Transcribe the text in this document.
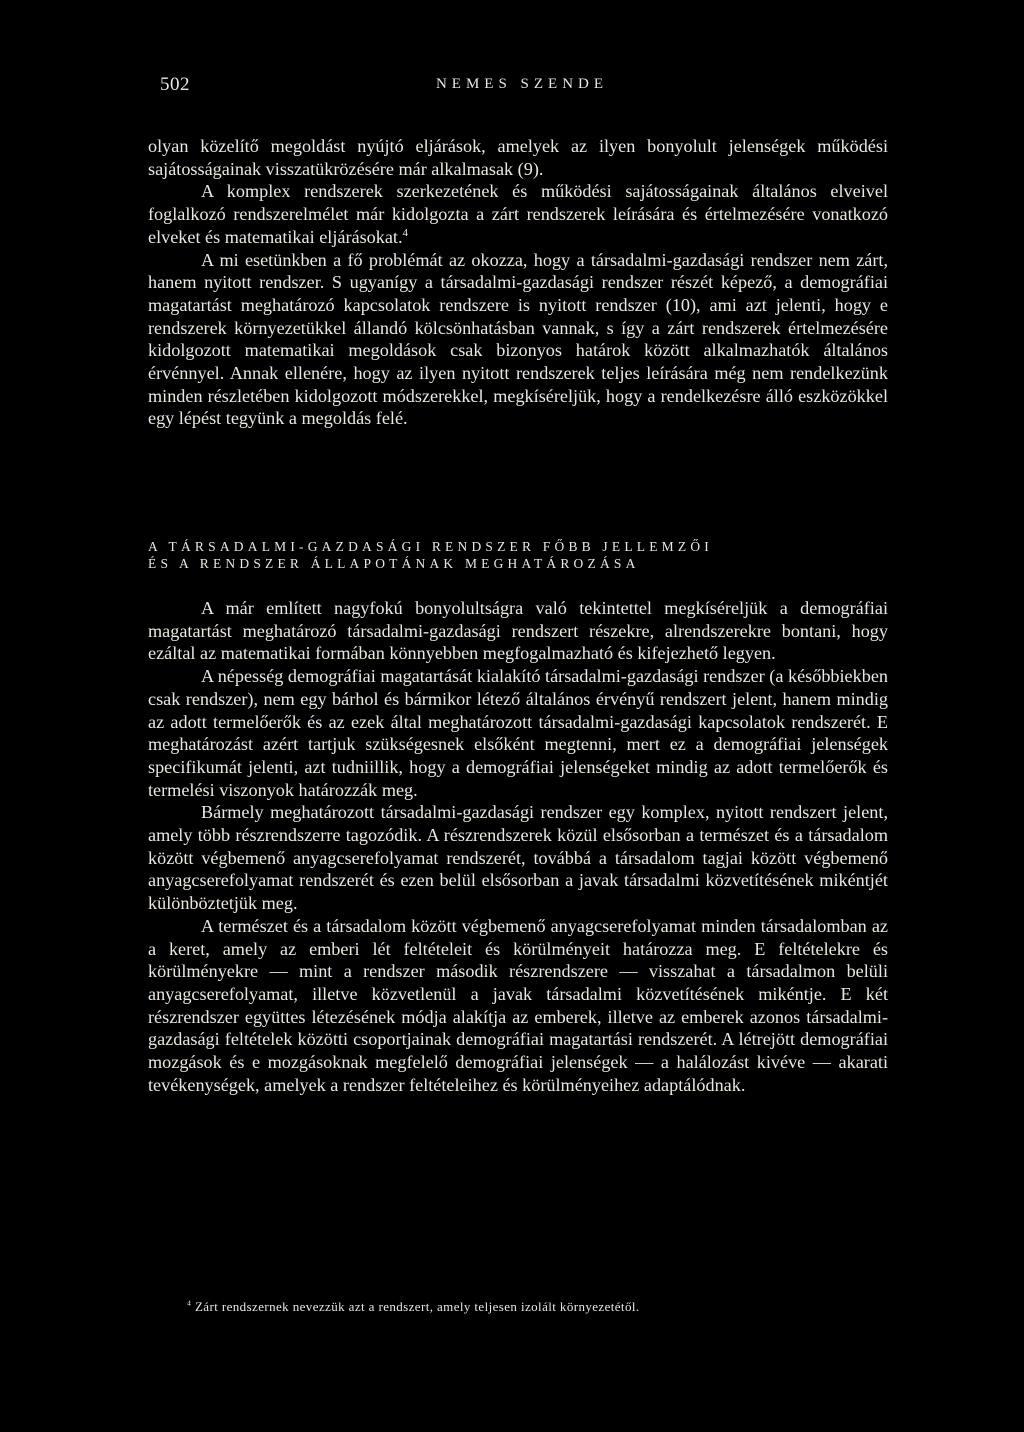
502	NEMES SZENDE

olyan közelítő megoldást nyújtó eljárások, amelyek az ilyen bonyolult jelenségek működési sajátosságainak visszatükrözésére már alkalmasak (9).

A komplex rendszerek szerkezetének és működési sajátosságainak általános elveivel foglalkozó rendszerelmélet már kidolgozta a zárt rendszerek leírására és értelmezésére vonatkozó elveket és matematikai eljárásokat.$^4$

A mi esetünkben a fő problémát az okozza, hogy a társadalmi-gazdasági rendszer nem zárt, hanem nyitott rendszer. S ugyanígy a társadalmi-gazdasági rendszer részét képező, a demográfiai magatartást meghatározó kapcsolatok rendszere is nyitott rendszer (10), ami azt jelenti, hogy e rendszerek környezetükkel állandó kölcsönhatásban vannak, s így a zárt rendszerek értelmezésére kidolgozott matematikai megoldások csak bizonyos határok között alkalmazhatók általános érvénnyel. Annak ellenére, hogy az ilyen nyitott rendszerek teljes leírására még nem rendelkezünk minden részletében kidolgozott módszerekkel, megkíséreljük, hogy a rendelkezésre álló eszközökkel egy lépést tegyünk a megoldás felé.

A TÁRSADALMI-GAZDASÁGI RENDSZER FŐBB JELLEMZŐI
ÉS A RENDSZER ÁLLAPOTÁNAK MEGHATÁROZÁSA

A már említett nagyfokú bonyolultságra való tekintettel megkíséreljük a demográfiai magatartást meghatározó társadalmi-gazdasági rendszert részekre, alrendszerekre bontani, hogy ezáltal az matematikai formában könnyebben megfogalmazható és kifejezhető legyen.

A népesség demográfiai magatartását kialakító társadalmi-gazdasági rendszer (a későbbiekben csak rendszer), nem egy bárhol és bármikor létező általános érvényű rendszert jelent, hanem mindig az adott termelőerők és az ezek által meghatározott társadalmi-gazdasági kapcsolatok rendszerét. E meghatározást azért tartjuk szükségesnek elsőként megtenni, mert ez a demográfiai jelenségek specifikumát jelenti, azt tudniillik, hogy a demográfiai jelenségeket mindig az adott termelőerők és termelési viszonyok határozzák meg.

Bármely meghatározott társadalmi-gazdasági rendszer egy komplex, nyitott rendszert jelent, amely több részrendszerre tagozódik. A részrendszerek közül elsősorban a természet és a társadalom között végbemenő anyagcserefolyamat rendszerét, továbbá a társadalom tagjai között végbemenő anyagcserefolyamat rendszerét és ezen belül elsősorban a javak társadalmi közvetítésének mikéntjét különböztetjük meg.

A természet és a társadalom között végbemenő anyagcserefolyamat minden társadalomban az a keret, amely az emberi lét feltételeit és körülményeit határozza meg. E feltételekre és körülményekre — mint a rendszer második részrendszere — visszahat a társadalmon belüli anyagcserefolyamat, illetve közvetlenül a javak társadalmi közvetítésének mikéntje. E két részrendszer együttes létezésének módja alakítja az emberek, illetve az emberek azonos társadalmi-gazdasági feltételek közötti csoportjainak demográfiai magatartási rendszerét. A létrejött demográfiai mozgások és e mozgásoknak megfelelő demográfiai jelenségek — a halálozást kivéve — akarati tevékenységek, amelyek a rendszer feltételeihez és körülményeihez adaptálódnak.

$^4$ Zárt rendszernek nevezzük azt a rendszert, amely teljesen izolált környezetétől.
